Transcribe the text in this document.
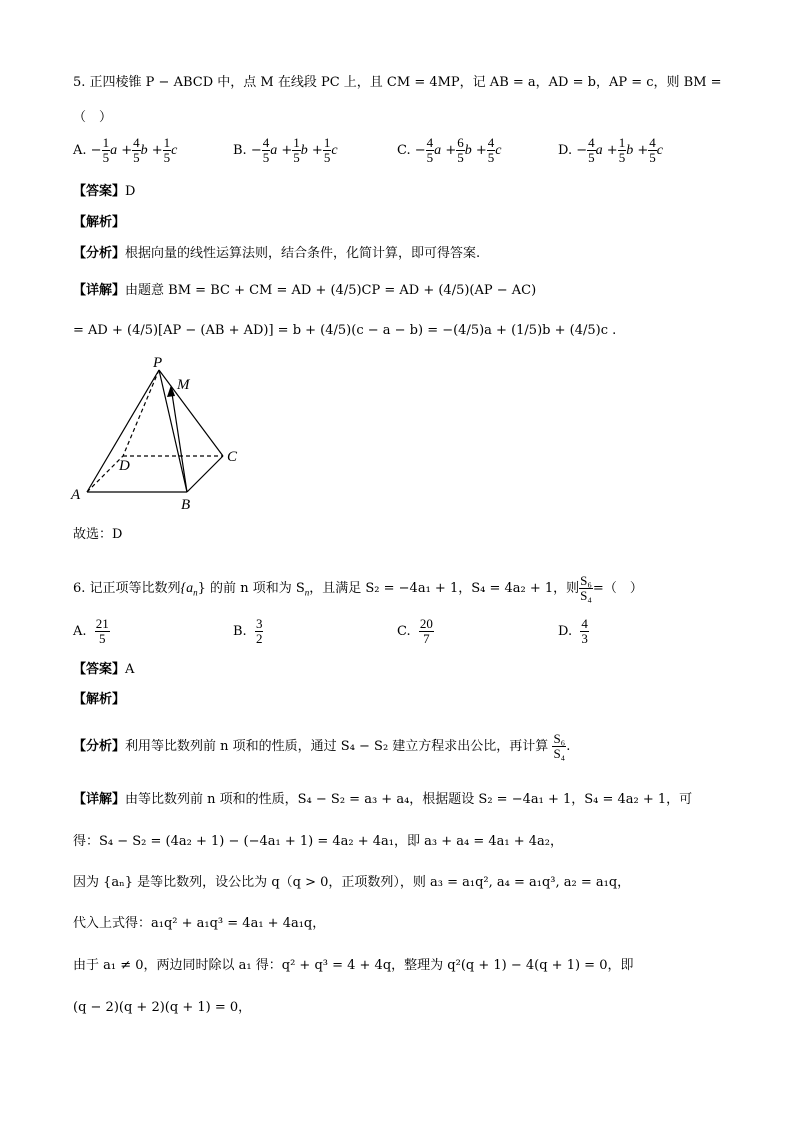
5. 正四棱锥 P − ABCD 中，点 M 在线段 PC 上，且 CM = 4MP，记 AB = a，AD = b，AP = c，则 BM =
（　）
A. − $\frac{1}{5}$ $a + \frac{4}{5}$ $b + \frac{1}{5}$ c	B. − $\frac{4}{5}$ $a + \frac{1}{5}$ $b + \frac{1}{5}$ c	C. − $\frac{4}{5}$ $a + \frac{6}{5}$ $b + \frac{4}{5}$ c	D. − $\frac{4}{5}$ $a + \frac{1}{5}$ $b + \frac{4}{5}$ c
【答案】D
【解析】
【分析】根据向量的线性运算法则，结合条件，化简计算，即可得答案.
【详解】由题意 BM = BC + CM = AD + (4/5)CP = AD + (4/5)(AP − AC)
= AD + (4/5)[AP − (AB + AD)] = b + (4/5)(c − a − b) = −(4/5)a + (1/5)b + (4/5)c .
P
M
D
C
A
B
故选：D
6. 记正项等比数列$\{a_n\}$ 的前 n 项和为 $S_n$，且满足 S₂ = −4a₁ + 1，S₄ = 4a₂ + 1，则 $\frac{\text{S₆}}{\text{S₄}}$ =（　）
A. $\frac{21}{5}$	B. $\frac{3}{2}$	C. $\frac{20}{7}$	D. $\frac{4}{3}$
【答案】A
【解析】
【分析】利用等比数列前 n 项和的性质，通过 S₄ − S₂ 建立方程求出公比，再计算 $\frac{\text{S₆}}{\text{S₄}}$ .
【详解】由等比数列前 n 项和的性质，S₄ − S₂ = a₃ + a₄，根据题设 S₂ = −4a₁ + 1，S₄ = 4a₂ + 1，可
得：S₄ − S₂ = (4a₂ + 1) − (−4a₁ + 1) = 4a₂ + 4a₁，即 a₃ + a₄ = 4a₁ + 4a₂，
因为 {aₙ} 是等比数列，设公比为 q（q > 0，正项数列），则 a₃ = a₁q², a₄ = a₁q³, a₂ = a₁q，
代入上式得：a₁q² + a₁q³ = 4a₁ + 4a₁q，
由于 a₁ ≠ 0，两边同时除以 a₁ 得：q² + q³ = 4 + 4q，整理为 q²(q + 1) − 4(q + 1) = 0，即
(q − 2)(q + 2)(q + 1) = 0，
